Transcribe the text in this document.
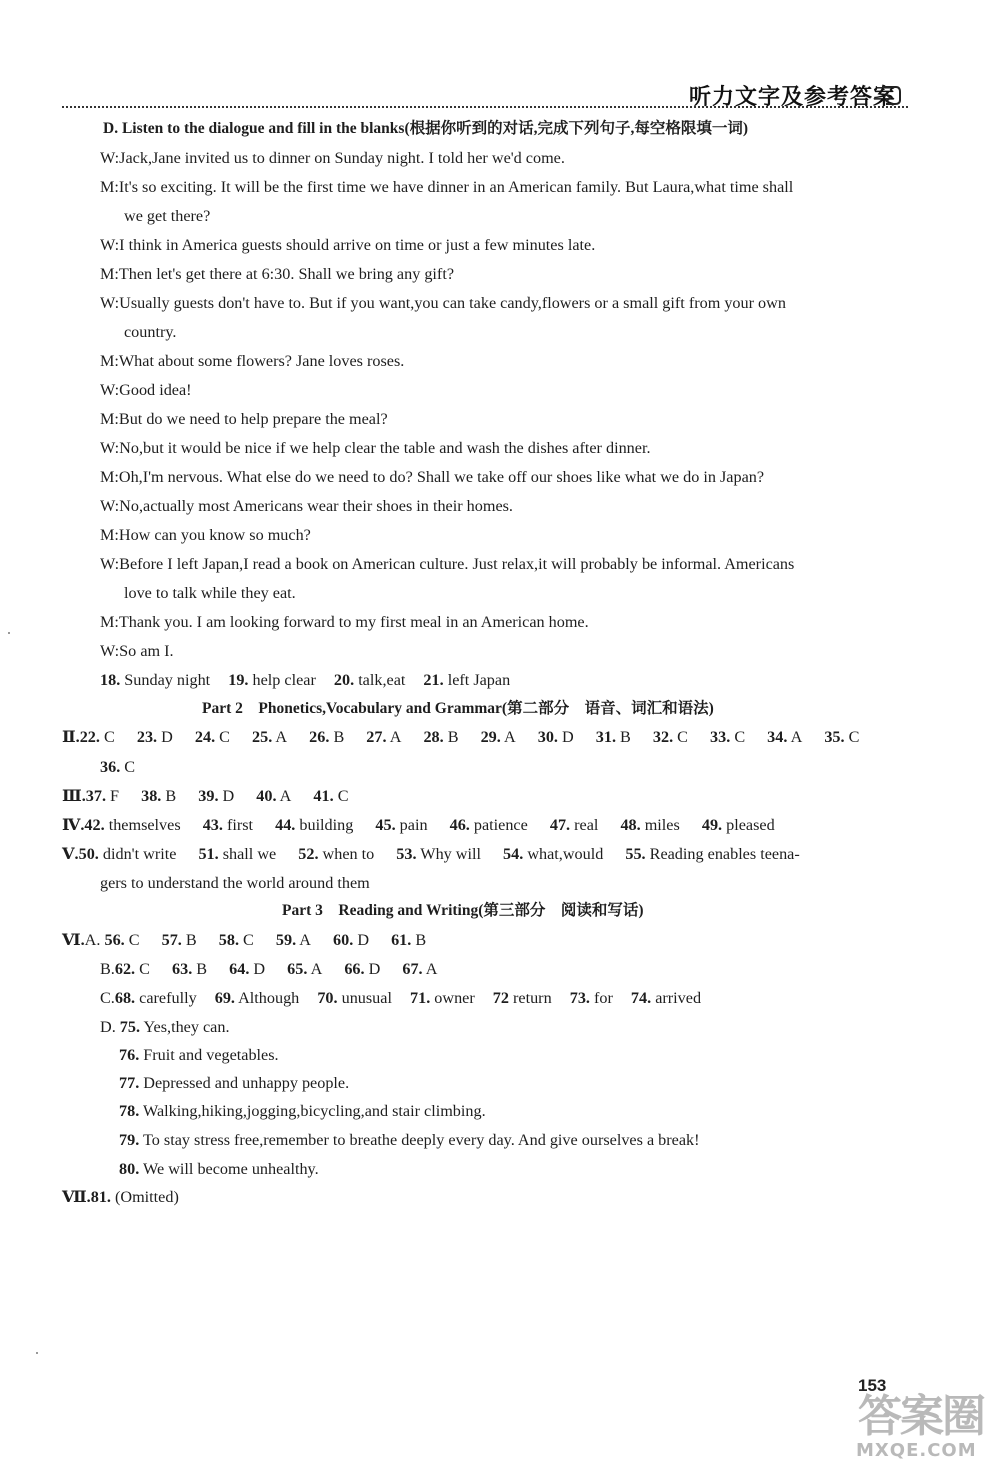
听力文字及参考答案
D. Listen to the dialogue and fill in the blanks(根据你听到的对话,完成下列句子,每空格限填一词)
W:Jack,Jane invited us to dinner on Sunday night. I told her we'd come.
M:It's so exciting. It will be the first time we have dinner in an American family. But Laura,what time shall
we get there?
W:I think in America guests should arrive on time or just a few minutes late.
M:Then let's get there at 6:30. Shall we bring any gift?
W:Usually guests don't have to. But if you want,you can take candy,flowers or a small gift from your own
country.
M:What about some flowers? Jane loves roses.
W:Good idea!
M:But do we need to help prepare the meal?
W:No,but it would be nice if we help clear the table and wash the dishes after dinner.
M:Oh,I'm nervous. What else do we need to do? Shall we take off our shoes like what we do in Japan?
W:No,actually most Americans wear their shoes in their homes.
M:How can you know so much?
W:Before I left Japan,I read a book on American culture. Just relax,it will probably be informal. Americans
love to talk while they eat.
M:Thank you. I am looking forward to my first meal in an American home.
W:So am I.
18. Sunday night 19. help clear 20. talk,eat 21. left Japan
Part 2　Phonetics,Vocabulary and Grammar(第二部分　语音、词汇和语法)
Ⅱ.22. C 23. D 24. C 25. A 26. B 27. A 28. B 29. A 30. D 31. B 32. C 33. C 34. A 35. C
36. C
Ⅲ.37. F 38. B 39. D 40. A 41. C
Ⅳ.42. themselves 43. first 44. building 45. pain 46. patience 47. real 48. miles 49. pleased
Ⅴ.50. didn't write 51. shall we 52. when to 53. Why will 54. what,would 55. Reading enables teena-
gers to understand the world around them
Part 3　Reading and Writing(第三部分　阅读和写话)
Ⅵ.A. 56. C 57. B 58. C 59. A 60. D 61. B
B.62. C 63. B 64. D 65. A 66. D 67. A
C.68. carefully 69. Although 70. unusual 71. owner 72 return 73. for 74. arrived
D. 75. Yes,they can.
76. Fruit and vegetables.
77. Depressed and unhappy people.
78. Walking,hiking,jogging,bicycling,and stair climbing.
79. To stay stress free,remember to breathe deeply every day. And give ourselves a break!
80. We will become unhealthy.
Ⅶ.81. (Omitted)
153
答案圈
MXQE.COM
